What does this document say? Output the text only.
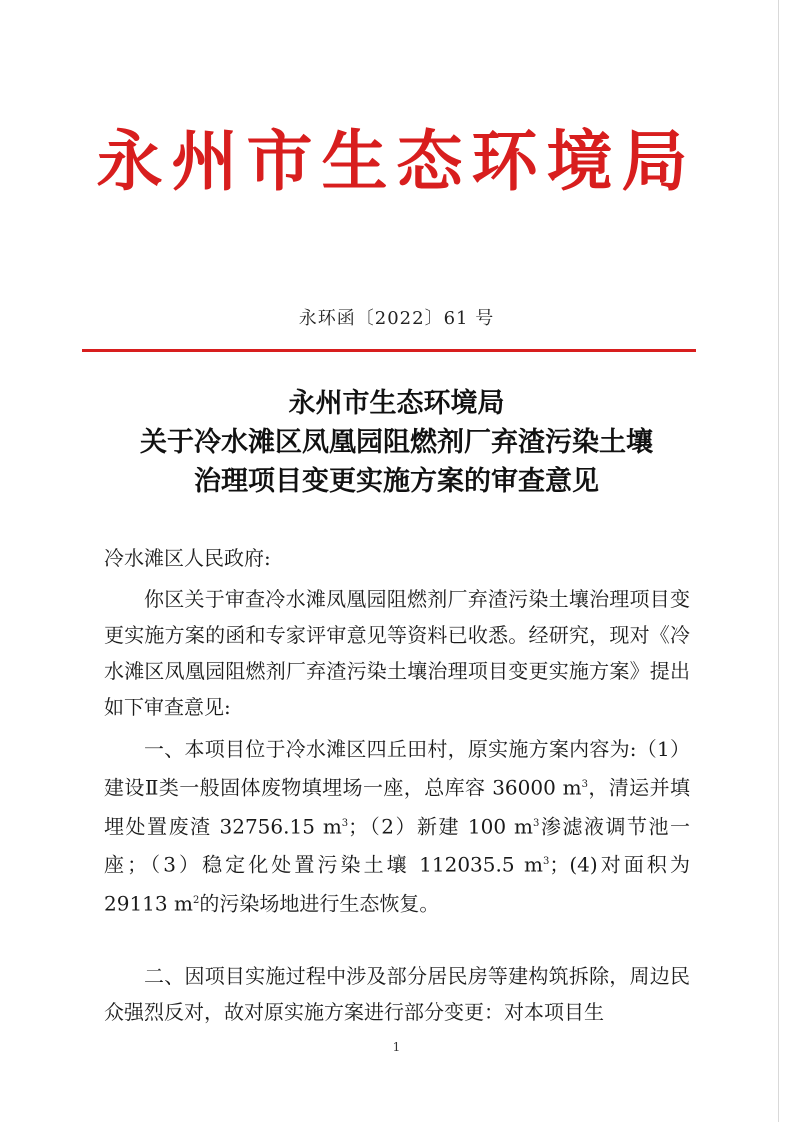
永州市生态环境局
永环函〔2022〕61 号
永州市生态环境局
关于冷水滩区凤凰园阻燃剂厂弃渣污染土壤
治理项目变更实施方案的审查意见
冷水滩区人民政府:

你区关于审查冷水滩凤凰园阻燃剂厂弃渣污染土壤治理项目变更实施方案的函和专家评审意见等资料已收悉。经研究，现对《冷水滩区凤凰园阻燃剂厂弃渣污染土壤治理项目变更实施方案》提出如下审查意见:

一、本项目位于冷水滩区四丘田村，原实施方案内容为:（1）建设Ⅱ类一般固体废物填埋场一座，总库容 36000 $m^3$，清运并填埋处置废渣 32756.15 $m^3$；（2）新建 100 $m^3$渗滤液调节池一座；（3）稳定化处置污染土壤 112035.5 $m^3$；(4)对面积为 29113 $m^2$的污染场地进行生态恢复。

二、因项目实施过程中涉及部分居民房等建构筑拆除，周边民众强烈反对，故对原实施方案进行部分变更：对本项目生

1
